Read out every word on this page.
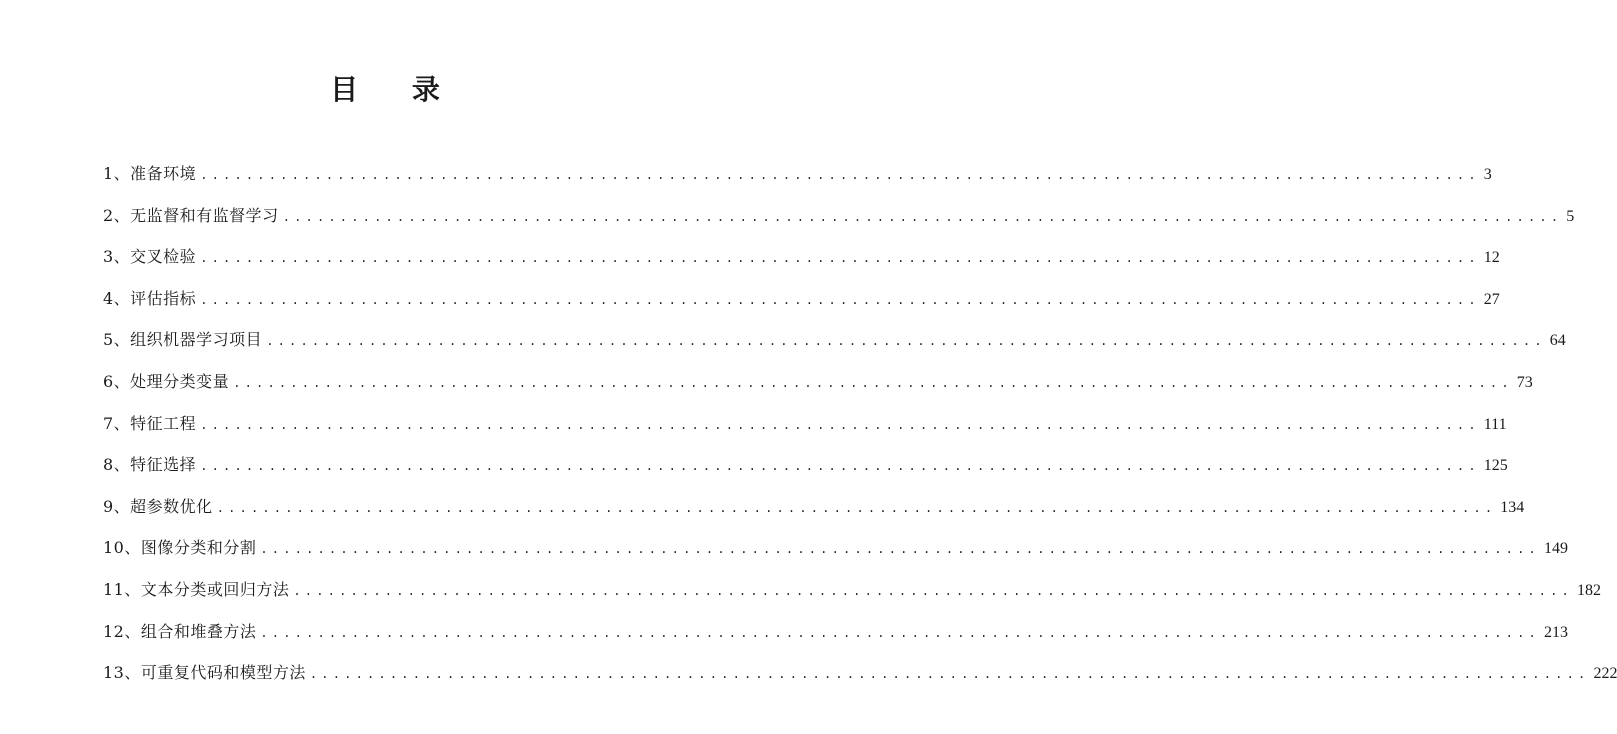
目 录
1、准备环境 ................................................................................................................ 3
2、无监督和有监督学习 ................................................................................................................ 5
3、交叉检验 ................................................................................................................ 12
4、评估指标 ................................................................................................................ 27
5、组织机器学习项目 ................................................................................................................ 64
6、处理分类变量 ................................................................................................................ 73
7、特征工程 ................................................................................................................ 111
8、特征选择 ................................................................................................................ 125
9、超参数优化 ................................................................................................................ 134
10、图像分类和分割 ................................................................................................................ 149
11、文本分类或回归方法 ................................................................................................................ 182
12、组合和堆叠方法 ................................................................................................................ 213
13、可重复代码和模型方法 ................................................................................................................ 222
